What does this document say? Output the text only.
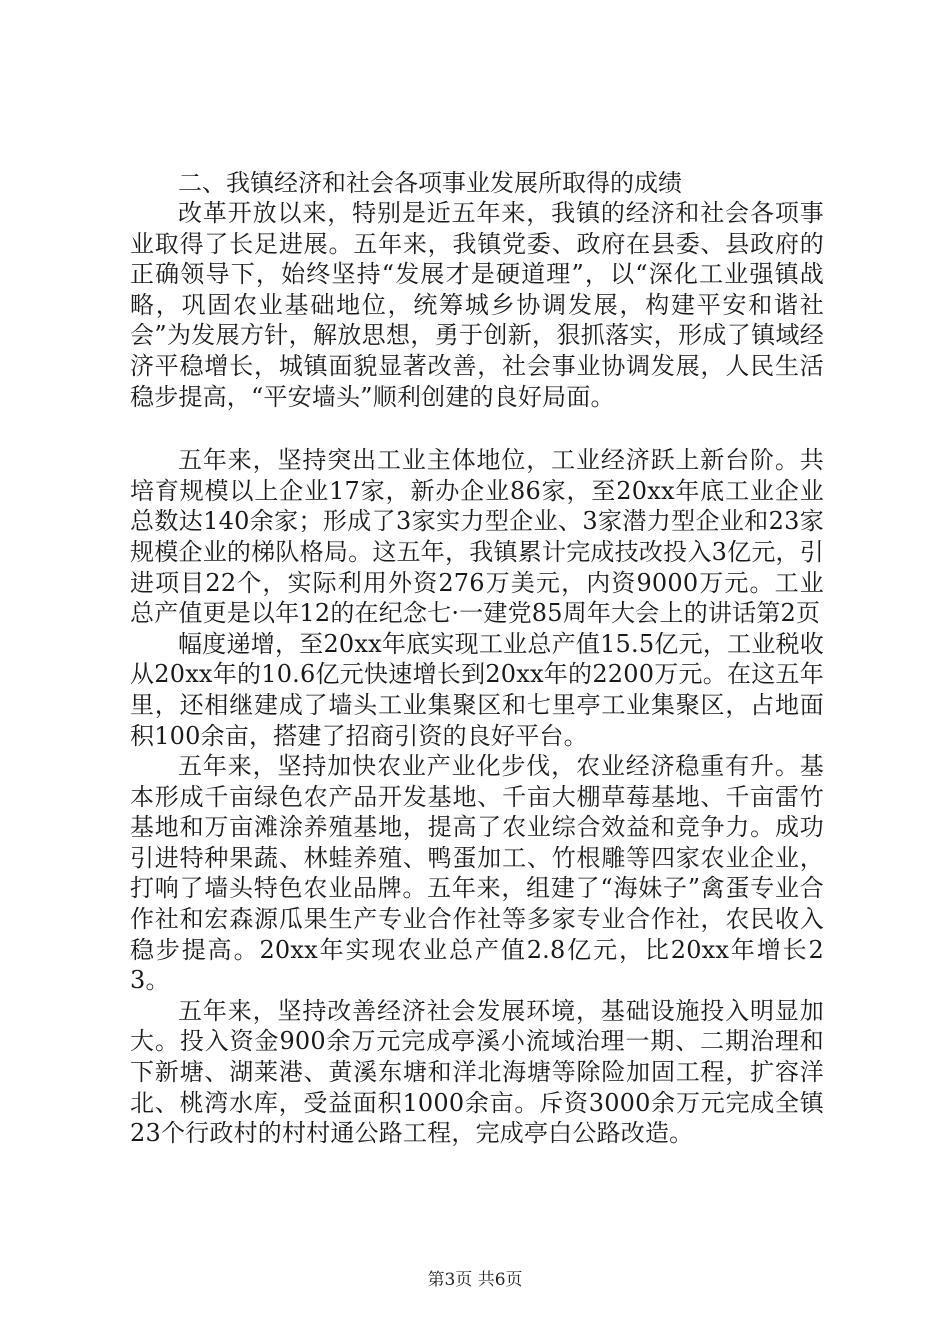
二、我镇经济和社会各项事业发展所取得的成绩

改革开放以来，特别是近五年来，我镇的经济和社会各项事业取得了长足进展。五年来，我镇党委、政府在县委、县政府的正确领导下，始终坚持“发展才是硬道理”，以“深化工业强镇战略，巩固农业基础地位，统筹城乡协调发展，构建平安和谐社会”为发展方针，解放思想，勇于创新，狠抓落实，形成了镇域经济平稳增长，城镇面貌显著改善，社会事业协调发展，人民生活稳步提高，“平安墙头”顺利创建的良好局面。

五年来，坚持突出工业主体地位，工业经济跃上新台阶。共培育规模以上企业17家，新办企业86家，至20xx年底工业企业总数达140余家；形成了3家实力型企业、3家潜力型企业和23家规模企业的梯队格局。这五年，我镇累计完成技改投入3亿元，引进项目22个，实际利用外资276万美元，内资9000万元。工业总产值更是以年12的在纪念七·一建党85周年大会上的讲话第2页

幅度递增，至20xx年底实现工业总产值15.5亿元，工业税收从20xx年的10.6亿元快速增长到20xx年的2200万元。在这五年里，还相继建成了墙头工业集聚区和七里亭工业集聚区，占地面积100余亩，搭建了招商引资的良好平台。

五年来，坚持加快农业产业化步伐，农业经济稳重有升。基本形成千亩绿色农产品开发基地、千亩大棚草莓基地、千亩雷竹基地和万亩滩涂养殖基地，提高了农业综合效益和竞争力。成功引进特种果蔬、林蛙养殖、鸭蛋加工、竹根雕等四家农业企业，打响了墙头特色农业品牌。五年来，组建了“海妹子”禽蛋专业合作社和宏森源瓜果生产专业合作社等多家专业合作社，农民收入稳步提高。20xx年实现农业总产值2.8亿元，比20xx年增长23。

五年来，坚持改善经济社会发展环境，基础设施投入明显加大。投入资金900余万元完成亭溪小流域治理一期、二期治理和下新塘、湖莱港、黄溪东塘和洋北海塘等除险加固工程，扩容洋北、桃湾水库，受益面积1000余亩。斥资3000余万元完成全镇23个行政村的村村通公路工程，完成亭白公路改造。

第3页 共6页
